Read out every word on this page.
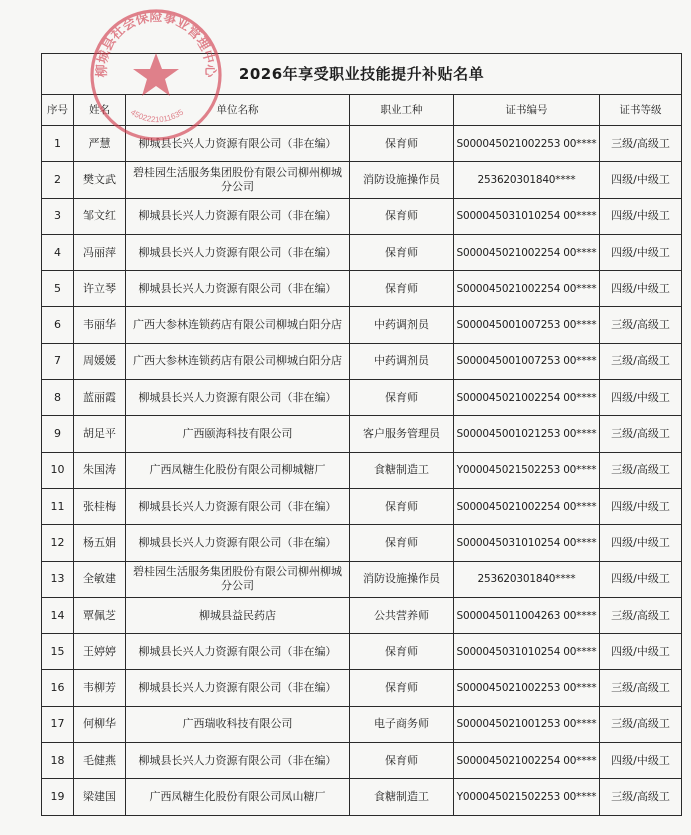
2026年享受职业技能提升补贴名单					
序号	姓名	单位名称	职业工种	证书编号	证书等级
1	严慧	柳城县长兴人力资源有限公司（非在编）	保育师	S000045021002253 00****	三级/高级工
2	樊文武	碧桂园生活服务集团股份有限公司柳州柳城分公司	消防设施操作员	253620301840****	四级/中级工
3	邹文红	柳城县长兴人力资源有限公司（非在编）	保育师	S000045031010254 00****	四级/中级工
4	冯丽萍	柳城县长兴人力资源有限公司（非在编）	保育师	S000045021002254 00****	四级/中级工
5	许立琴	柳城县长兴人力资源有限公司（非在编）	保育师	S000045021002254 00****	四级/中级工
6	韦丽华	广西大参林连锁药店有限公司柳城白阳分店	中药调剂员	S000045001007253 00****	三级/高级工
7	周媛媛	广西大参林连锁药店有限公司柳城白阳分店	中药调剂员	S000045001007253 00****	三级/高级工
8	蓝丽霞	柳城县长兴人力资源有限公司（非在编）	保育师	S000045021002254 00****	四级/中级工
9	胡足平	广西颐海科技有限公司	客户服务管理员	S000045001021253 00****	三级/高级工
10	朱国涛	广西凤糖生化股份有限公司柳城糖厂	食糖制造工	Y000045021502253 00****	三级/高级工
11	张桂梅	柳城县长兴人力资源有限公司（非在编）	保育师	S000045021002254 00****	四级/中级工
12	杨五娟	柳城县长兴人力资源有限公司（非在编）	保育师	S000045031010254 00****	四级/中级工
13	全敏建	碧桂园生活服务集团股份有限公司柳州柳城分公司	消防设施操作员	253620301840****	四级/中级工
14	覃佩芝	柳城县益民药店	公共营养师	S000045011004263 00****	三级/高级工
15	王婷婷	柳城县长兴人力资源有限公司（非在编）	保育师	S000045031010254 00****	四级/中级工
16	韦柳芳	柳城县长兴人力资源有限公司（非在编）	保育师	S000045021002253 00****	三级/高级工
17	何柳华	广西瑞收科技有限公司	电子商务师	S000045021001253 00****	三级/高级工
18	毛健燕	柳城县长兴人力资源有限公司（非在编）	保育师	S000045021002254 00****	四级/中级工
19	梁建国	广西凤糖生化股份有限公司凤山糖厂	食糖制造工	Y000045021502253 00****	三级/高级工
柳城县社会保险事业管理中心
4502221011635
